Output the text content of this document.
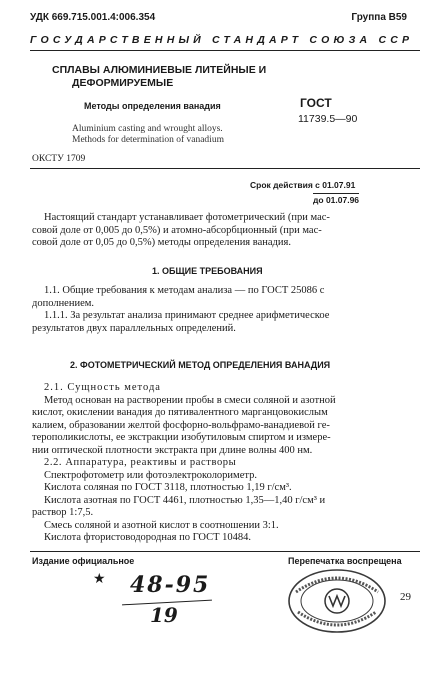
УДК 669.715.001.4:006.354	Группа В59
ГОСУДАРСТВЕННЫЙ СТАНДАРТ СОЮЗА ССР
СПЛАВЫ АЛЮМИНИЕВЫЕ ЛИТЕЙНЫЕ И
ДЕФОРМИРУЕМЫЕ
Методы определения ванадия	ГОСТ
11739.5—90
Aluminium casting and wrought alloys.
Methods for determination of vanadium
ОКСТУ 1709
Срок действия с 01.07.91
до 01.07.96
Настоящий стандарт устанавливает фотометрический (при мас-
совой доле от 0,005 до 0,5%) и атомно-абсорбционный (при мас-
совой доле от 0,05 до 0,5%) методы определения ванадия.
1. ОБЩИЕ ТРЕБОВАНИЯ
1.1. Общие требования к методам анализа — по ГОСТ 25086 с
дополнением.
1.1.1. За результат анализа принимают среднее арифметическое
результатов двух параллельных определений.
2. ФОТОМЕТРИЧЕСКИЙ МЕТОД ОПРЕДЕЛЕНИЯ ВАНАДИЯ
2.1. Сущность метода
Метод основан на растворении пробы в смеси соляной и азотной
кислот, окислении ванадия до пятивалентного марганцовокислым
калием, образовании желтой фосфорно-вольфрамо-ванадиевой ге-
терополикислоты, ее экстракции изобутиловым спиртом и измере-
нии оптической плотности экстракта при длине волны 400 нм.
2.2. Аппаратура, реактивы и растворы
Спектрофотометр или фотоэлектроколориметр.
Кислота соляная по ГОСТ 3118, плотностью 1,19 г/см³.
Кислота азотная по ГОСТ 4461, плотностью 1,35—1,40 г/см³ и
раствор 1:7,5.
Смесь соляной и азотной кислот в соотношении 3:1.
Кислота фтористоводородная по ГОСТ 10484.
Издание официальное	Перепечатка воспрещена
★ 48-95
19
29
